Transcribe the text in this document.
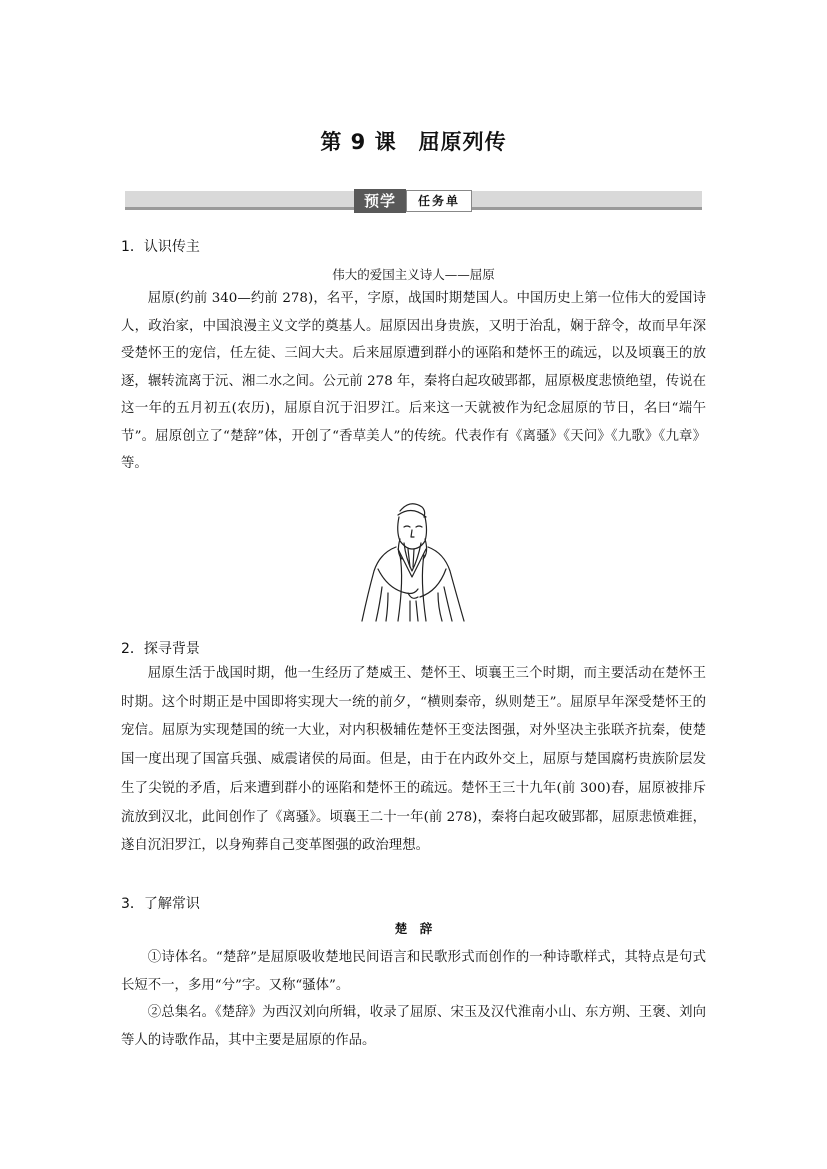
第 9 课　屈原列传
预学	任务单
1．认识传主
伟大的爱国主义诗人——屈原
屈原(约前 340—约前 278)，名平，字原，战国时期楚国人。中国历史上第一位伟大的爱国诗人，政治家，中国浪漫主义文学的奠基人。屈原因出身贵族，又明于治乱，娴于辞令，故而早年深受楚怀王的宠信，任左徒、三闾大夫。后来屈原遭到群小的诬陷和楚怀王的疏远，以及顷襄王的放逐，辗转流离于沅、湘二水之间。公元前 278 年，秦将白起攻破郢都，屈原极度悲愤绝望，传说在这一年的五月初五(农历)，屈原自沉于汨罗江。后来这一天就被作为纪念屈原的节日，名曰“端午节”。屈原创立了“楚辞”体，开创了“香草美人”的传统。代表作有《离骚》《天问》《九歌》《九章》等。
2．探寻背景
屈原生活于战国时期，他一生经历了楚威王、楚怀王、顷襄王三个时期，而主要活动在楚怀王时期。这个时期正是中国即将实现大一统的前夕，“横则秦帝，纵则楚王”。屈原早年深受楚怀王的宠信。屈原为实现楚国的统一大业，对内积极辅佐楚怀王变法图强，对外坚决主张联齐抗秦，使楚国一度出现了国富兵强、威震诸侯的局面。但是，由于在内政外交上，屈原与楚国腐朽贵族阶层发生了尖锐的矛盾，后来遭到群小的诬陷和楚怀王的疏远。楚怀王三十九年(前 300)春，屈原被排斥流放到汉北，此间创作了《离骚》。顷襄王二十一年(前 278)，秦将白起攻破郢都，屈原悲愤难捱，遂自沉汨罗江，以身殉葬自己变革图强的政治理想。
3．了解常识
楚　辞
①诗体名。“楚辞”是屈原吸收楚地民间语言和民歌形式而创作的一种诗歌样式，其特点是句式长短不一，多用“兮”字。又称“骚体”。
②总集名。《楚辞》为西汉刘向所辑，收录了屈原、宋玉及汉代淮南小山、东方朔、王褒、刘向等人的诗歌作品，其中主要是屈原的作品。
